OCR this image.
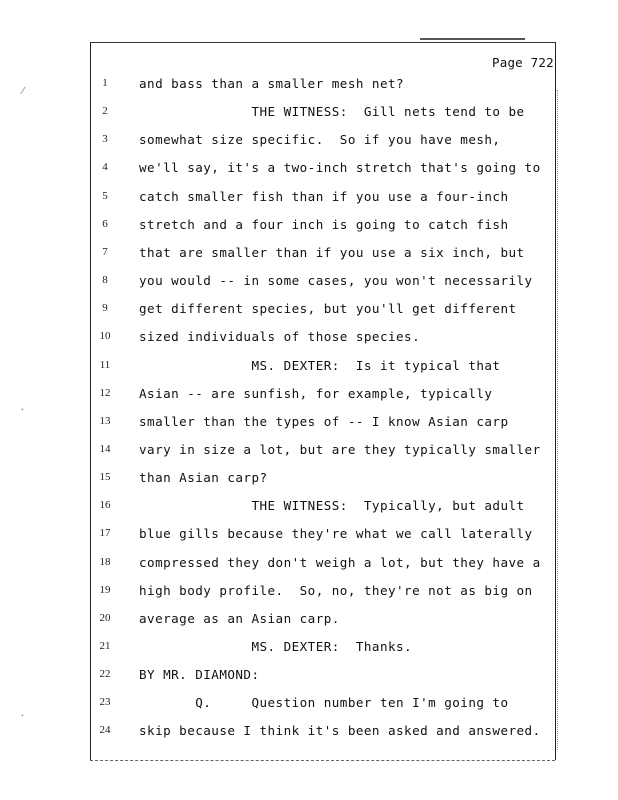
⁄
˛
˛
Page 722
1	and bass than a smaller mesh net?
2	THE WITNESS:  Gill nets tend to be
3	somewhat size specific.  So if you have mesh,
4	we'll say, it's a two-inch stretch that's going to
5	catch smaller fish than if you use a four-inch
6	stretch and a four inch is going to catch fish
7	that are smaller than if you use a six inch, but
8	you would -- in some cases, you won't necessarily
9	get different species, but you'll get different
10	sized individuals of those species.
11	MS. DEXTER:  Is it typical that
12	Asian -- are sunfish, for example, typically
13	smaller than the types of -- I know Asian carp
14	vary in size a lot, but are they typically smaller
15	than Asian carp?
16	THE WITNESS:  Typically, but adult
17	blue gills because they're what we call laterally
18	compressed they don't weigh a lot, but they have a
19	high body profile.  So, no, they're not as big on
20	average as an Asian carp.
21	MS. DEXTER:  Thanks.
22	BY MR. DIAMOND:
23	Q.     Question number ten I'm going to
24	skip because I think it's been asked and answered.
